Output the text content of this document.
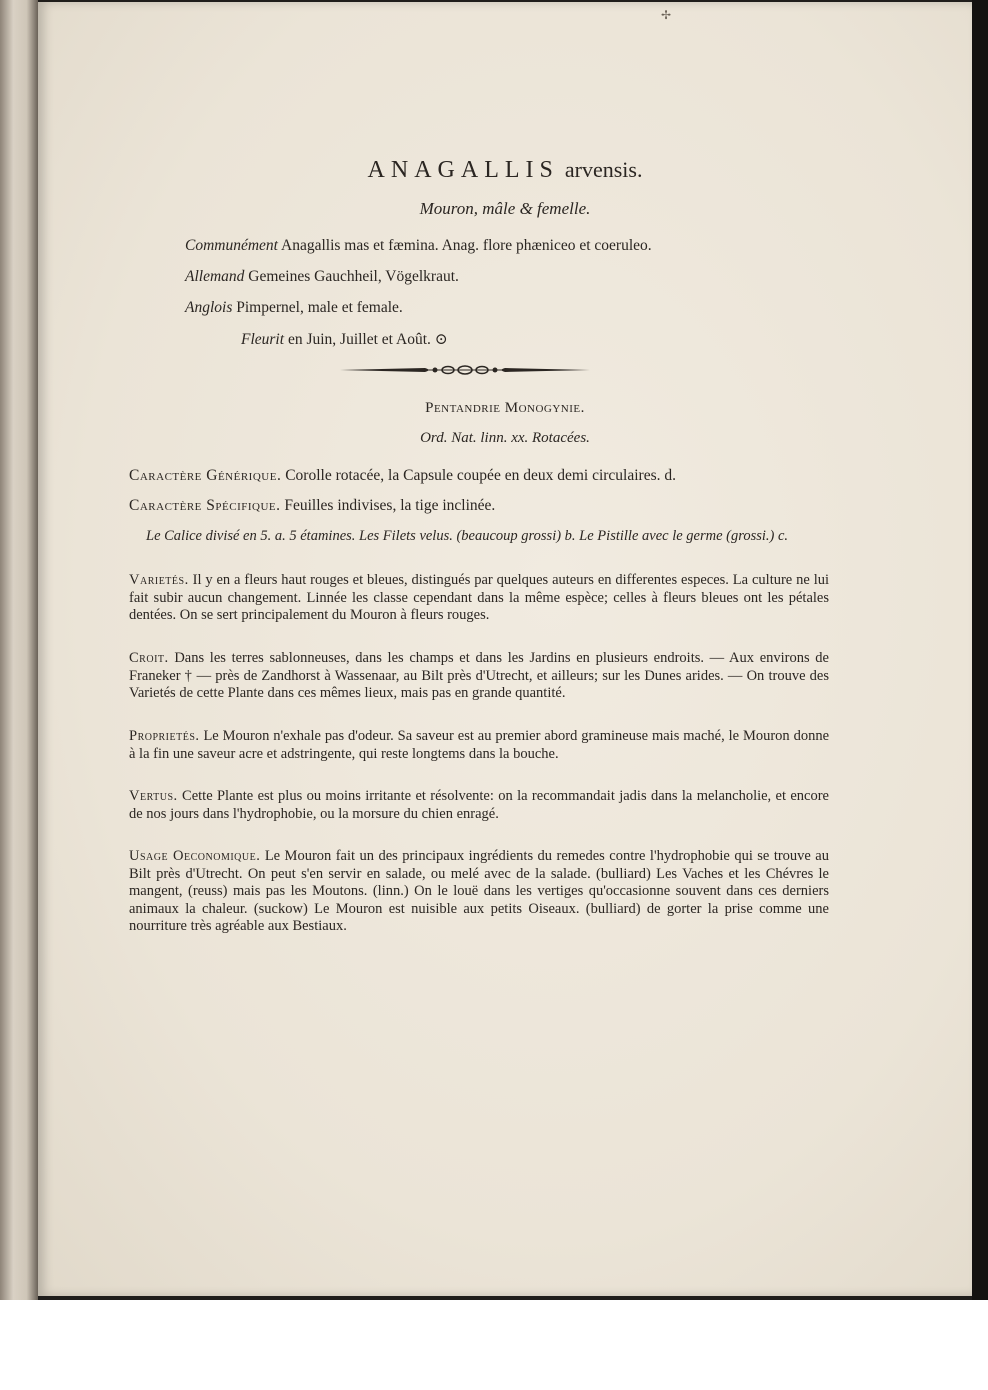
✢
ANAGALLIS arvensis.
Mouron, mâle & femelle.
Communément Anagallis mas et fæmina. Anag. flore phæniceo et coeruleo.
Allemand Gemeines Gauchheil, Vögelkraut.
Anglois Pimpernel, male et female.
Fleurit en Juin, Juillet et Août. ⊙
Pentandrie Monogynie.
Ord. Nat. linn. xx. Rotacées.
Caractère Générique. Corolle rotacée, la Capsule coupée en deux demi circulaires. d.
Caractère Spécifique. Feuilles indivises, la tige inclinée.
Le Calice divisé en 5. a. 5 étamines. Les Filets velus. (beaucoup grossi) b. Le Pistille avec le germe (grossi.) c.
Varietés. Il y en a fleurs haut rouges et bleues, distingués par quelques auteurs en differentes especes. La culture ne lui fait subir aucun changement. Linnée les classe cependant dans la même espèce; celles à fleurs bleues ont les pétales dentées. On se sert principalement du Mouron à fleurs rouges.
Croit. Dans les terres sablonneuses, dans les champs et dans les Jardins en plusieurs endroits. — Aux environs de Franeker † — près de Zandhorst à Wassenaar, au Bilt près d'Utrecht, et ailleurs; sur les Dunes arides. — On trouve des Varietés de cette Plante dans ces mêmes lieux, mais pas en grande quantité.
Proprietés. Le Mouron n'exhale pas d'odeur. Sa saveur est au premier abord gramineuse mais maché, le Mouron donne à la fin une saveur acre et adstringente, qui reste longtems dans la bouche.
Vertus. Cette Plante est plus ou moins irritante et résolvente: on la recommandait jadis dans la melancholie, et encore de nos jours dans l'hydrophobie, ou la morsure du chien enragé.
Usage Oeconomique. Le Mouron fait un des principaux ingrédients du remedes contre l'hydrophobie qui se trouve au Bilt près d'Utrecht. On peut s'en servir en salade, ou melé avec de la salade. (bulliard) Les Vaches et les Chévres le mangent, (reuss) mais pas les Moutons. (linn.) On le louë dans les vertiges qu'occasionne souvent dans ces derniers animaux la chaleur. (suckow) Le Mouron est nuisible aux petits Oiseaux. (bulliard) de gorter la prise comme une nourriture très agréable aux Bestiaux.
